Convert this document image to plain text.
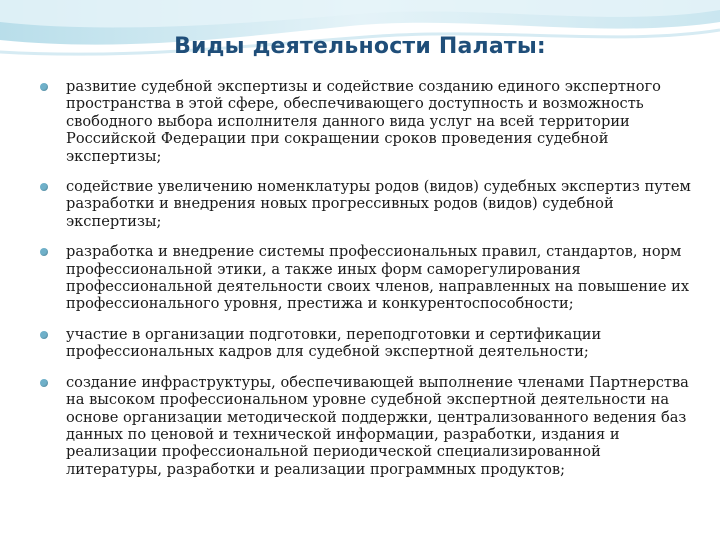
Виды деятельности Палаты:
развитие судебной экспертизы и содействие созданию единого экспертного пространства в этой сфере, обеспечивающего доступность и возможность свободного выбора исполнителя данного вида услуг на всей территории Российской Федерации при сокращении сроков проведения судебной экспертизы;
содействие увеличению номенклатуры родов (видов) судебных экспертиз путем разработки и внедрения новых прогрессивных родов (видов) судебной экспертизы;
разработка и внедрение системы профессиональных правил, стандартов, норм профессиональной этики, а также иных форм саморегулирования профессиональной деятельности своих членов, направленных на повышение их профессионального уровня, престижа и конкурентоспособности;
участие в организации подготовки, переподготовки и сертификации профессиональных кадров для судебной экспертной деятельности;
создание инфраструктуры, обеспечивающей выполнение членами Партнерства на высоком профессиональном уровне судебной экспертной деятельности на основе организации методической поддержки, централизованного ведения баз данных по ценовой и технической информации, разработки, издания и реализации профессиональной периодической специализированной литературы, разработки и реализации программных продуктов;
